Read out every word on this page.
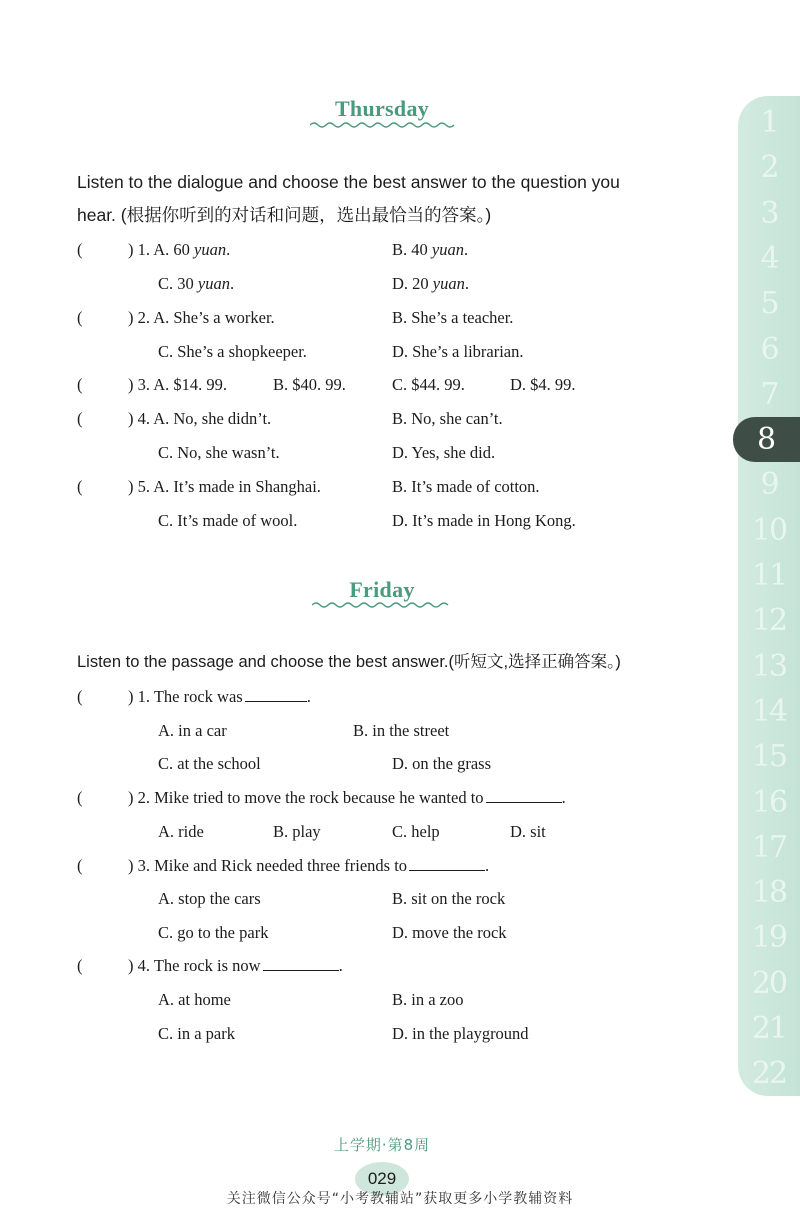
1
2
3
4
5
6
7
8
9
10
11
12
13
14
15
16
17
18
19
20
21
22
Thursday
Listen to the dialogue and choose the best answer to the question you
hear. (根据你听到的对话和问题，选出最恰当的答案。)
(	) 1. A. 60 yuan.	B. 40 yuan.
C. 30 yuan.	D. 20 yuan.
(	) 2. A. She’s a worker.	B. She’s a teacher.
C. She’s a shopkeeper.	D. She’s a librarian.
(	) 3. A. $14. 99.	B. $40. 99.	C. $44. 99.	D. $4. 99.
(	) 4. A. No, she didn’t.	B. No, she can’t.
C. No, she wasn’t.	D. Yes, she did.
(	) 5. A. It’s made in Shanghai.	B. It’s made of cotton.
C. It’s made of wool.	D. It’s made in Hong Kong.
Friday
Listen to the passage and choose the best answer.(听短文,选择正确答案。)
(	) 1. The rock was	.
A. in a car	B. in the street
C. at the school	D. on the grass
(	) 2. Mike tried to move the rock because he wanted to	.
A. ride	B. play	C. help	D. sit
(	) 3. Mike and Rick needed three friends to	.
A. stop the cars	B. sit on the rock
C. go to the park	D. move the rock
(	) 4. The rock is now	.
A. at home	B. in a zoo
C. in a park	D. in the playground
上学期·第8周
029
关注微信公众号“小考教辅站”获取更多小学教辅资料
